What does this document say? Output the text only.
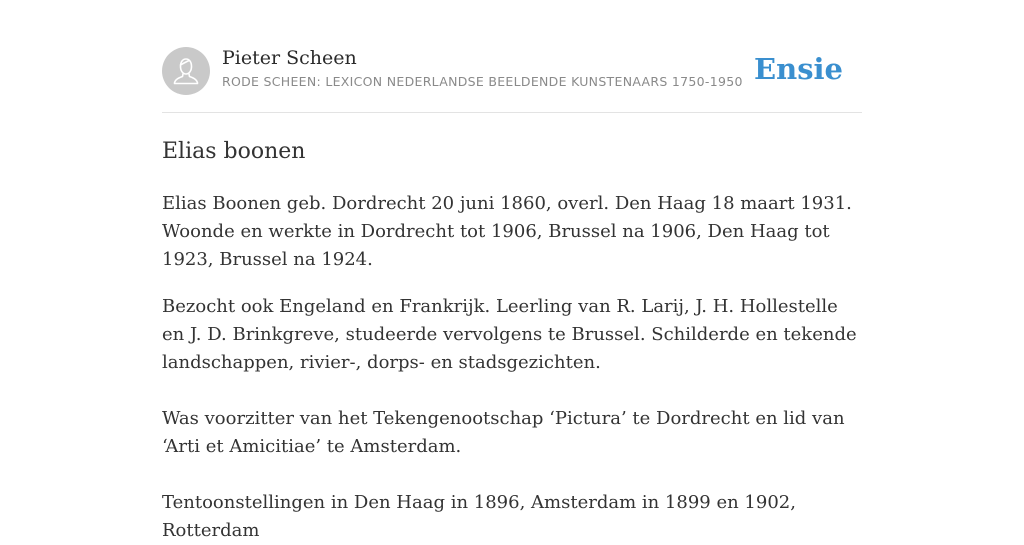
Pieter Scheen
RODE SCHEEN: LEXICON NEDERLANDSE BEELDENDE KUNSTENAARS 1750-1950 Ensie
Elias boonen

Elias Boonen geb. Dordrecht 20 juni 1860, overl. Den Haag 18 maart 1931. Woonde en werkte in Dordrecht tot 1906, Brussel na 1906, Den Haag tot 1923, Brussel na 1924.

Bezocht ook Engeland en Frankrijk. Leerling van R. Larij, J. H. Hollestelle en J. D. Brinkgreve, studeerde vervolgens te Brussel. Schilderde en tekende landschappen, rivier-, dorps- en stadsgezichten.

Was voorzitter van het Tekengenootschap ‘Pictura’ te Dordrecht en lid van ‘Arti et Amicitiae’ te Amsterdam.

Tentoonstellingen in Den Haag in 1896, Amsterdam in 1899 en 1902, Rotterdam
